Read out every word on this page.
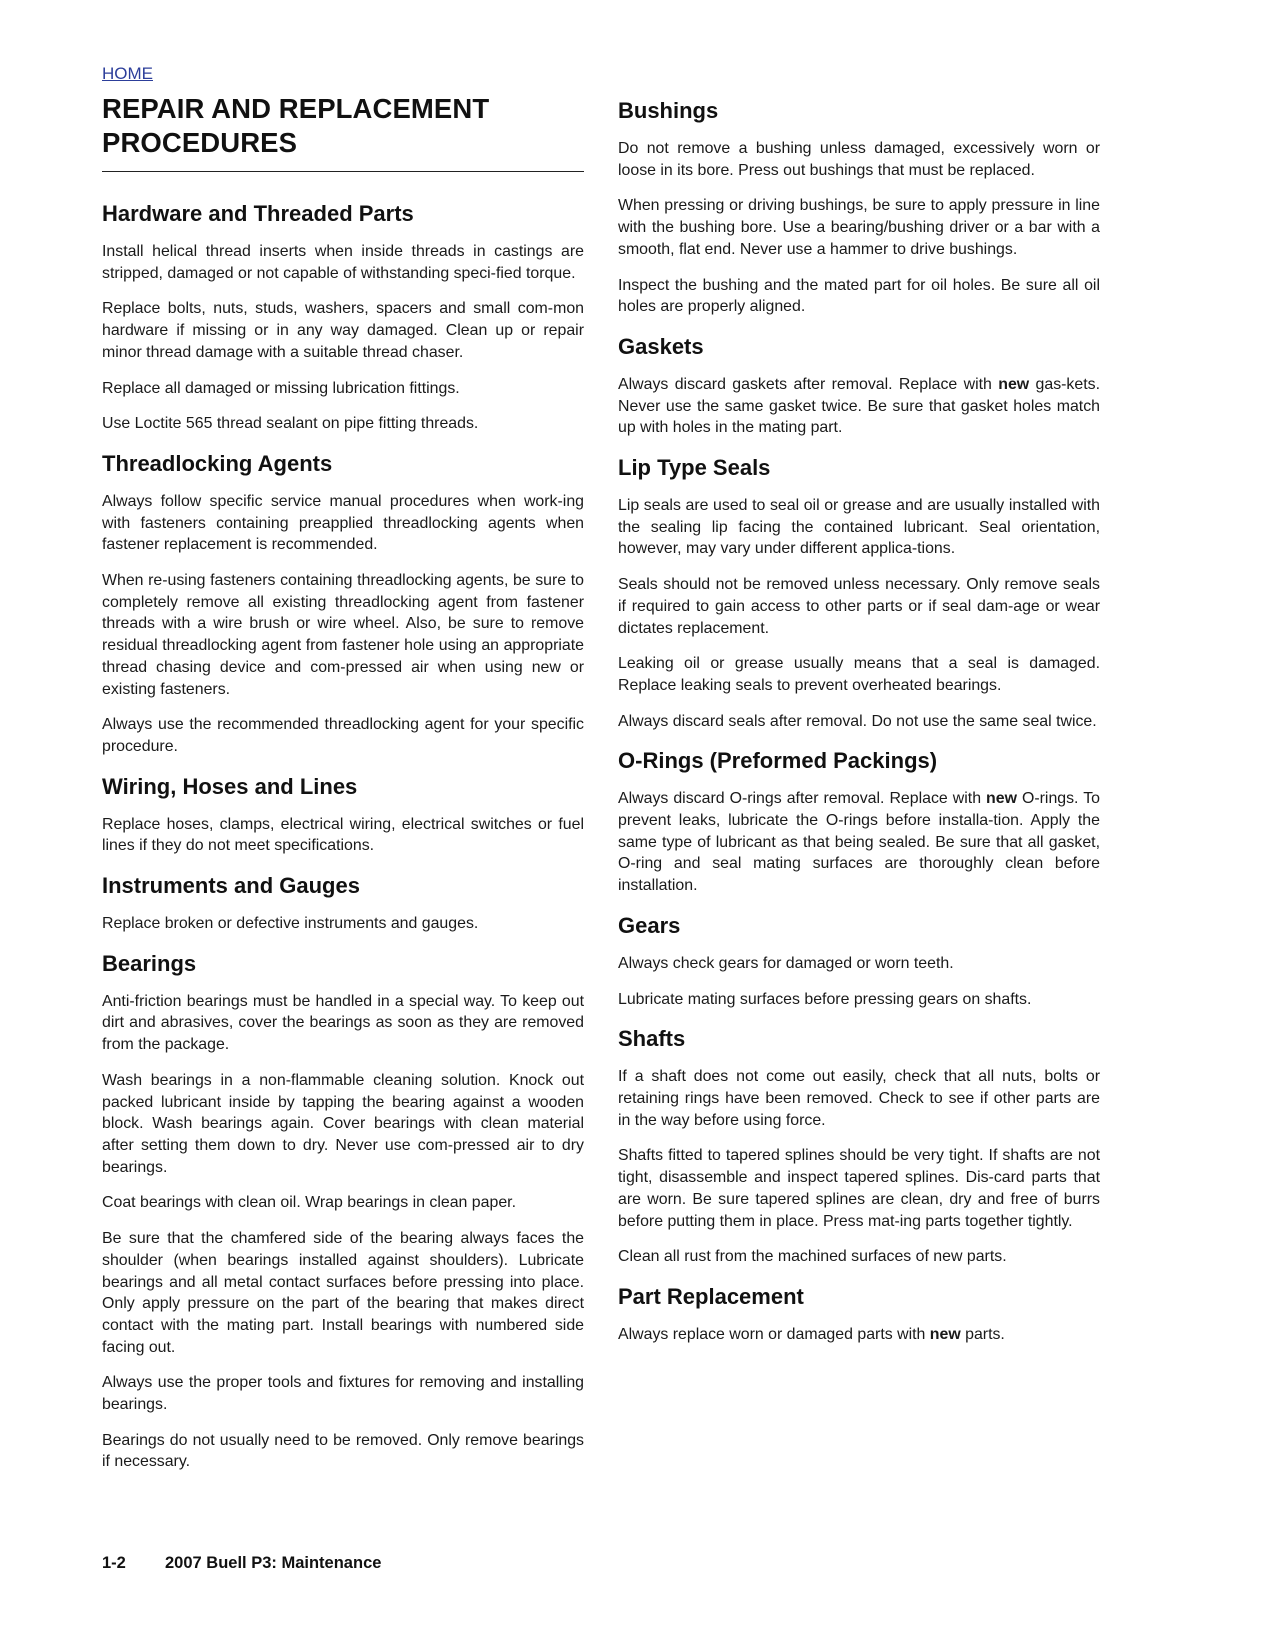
HOME
REPAIR AND REPLACEMENT
PROCEDURES
Hardware and Threaded Parts

Install helical thread inserts when inside threads in castings are stripped, damaged or not capable of withstanding speci-fied torque.

Replace bolts, nuts, studs, washers, spacers and small com-mon hardware if missing or in any way damaged. Clean up or repair minor thread damage with a suitable thread chaser.

Replace all damaged or missing lubrication fittings.

Use Loctite 565 thread sealant on pipe fitting threads.

Threadlocking Agents

Always follow specific service manual procedures when work-ing with fasteners containing preapplied threadlocking agents when fastener replacement is recommended.

When re-using fasteners containing threadlocking agents, be sure to completely remove all existing threadlocking agent from fastener threads with a wire brush or wire wheel. Also, be sure to remove residual threadlocking agent from fastener hole using an appropriate thread chasing device and com-pressed air when using new or existing fasteners.

Always use the recommended threadlocking agent for your specific procedure.

Wiring, Hoses and Lines

Replace hoses, clamps, electrical wiring, electrical switches or fuel lines if they do not meet specifications.

Instruments and Gauges

Replace broken or defective instruments and gauges.

Bearings

Anti-friction bearings must be handled in a special way. To keep out dirt and abrasives, cover the bearings as soon as they are removed from the package.

Wash bearings in a non-flammable cleaning solution. Knock out packed lubricant inside by tapping the bearing against a wooden block. Wash bearings again. Cover bearings with clean material after setting them down to dry. Never use com-pressed air to dry bearings.

Coat bearings with clean oil. Wrap bearings in clean paper.

Be sure that the chamfered side of the bearing always faces the shoulder (when bearings installed against shoulders). Lubricate bearings and all metal contact surfaces before pressing into place. Only apply pressure on the part of the bearing that makes direct contact with the mating part. Install bearings with numbered side facing out.

Always use the proper tools and fixtures for removing and installing bearings.

Bearings do not usually need to be removed. Only remove bearings if necessary.

Bushings

Do not remove a bushing unless damaged, excessively worn or loose in its bore. Press out bushings that must be replaced.

When pressing or driving bushings, be sure to apply pressure in line with the bushing bore. Use a bearing/bushing driver or a bar with a smooth, flat end. Never use a hammer to drive bushings.

Inspect the bushing and the mated part for oil holes. Be sure all oil holes are properly aligned.

Gaskets

Always discard gaskets after removal. Replace with new gas-kets. Never use the same gasket twice. Be sure that gasket holes match up with holes in the mating part.

Lip Type Seals

Lip seals are used to seal oil or grease and are usually installed with the sealing lip facing the contained lubricant. Seal orientation, however, may vary under different applica-tions.

Seals should not be removed unless necessary. Only remove seals if required to gain access to other parts or if seal dam-age or wear dictates replacement.

Leaking oil or grease usually means that a seal is damaged. Replace leaking seals to prevent overheated bearings.

Always discard seals after removal. Do not use the same seal twice.

O-Rings (Preformed Packings)

Always discard O-rings after removal. Replace with new O-rings. To prevent leaks, lubricate the O-rings before installa-tion. Apply the same type of lubricant as that being sealed. Be sure that all gasket, O-ring and seal mating surfaces are thoroughly clean before installation.

Gears

Always check gears for damaged or worn teeth.

Lubricate mating surfaces before pressing gears on shafts.

Shafts

If a shaft does not come out easily, check that all nuts, bolts or retaining rings have been removed. Check to see if other parts are in the way before using force.

Shafts fitted to tapered splines should be very tight. If shafts are not tight, disassemble and inspect tapered splines. Dis-card parts that are worn. Be sure tapered splines are clean, dry and free of burrs before putting them in place. Press mat-ing parts together tightly.

Clean all rust from the machined surfaces of new parts.

Part Replacement

Always replace worn or damaged parts with new parts.

1-2 2007 Buell P3: Maintenance
